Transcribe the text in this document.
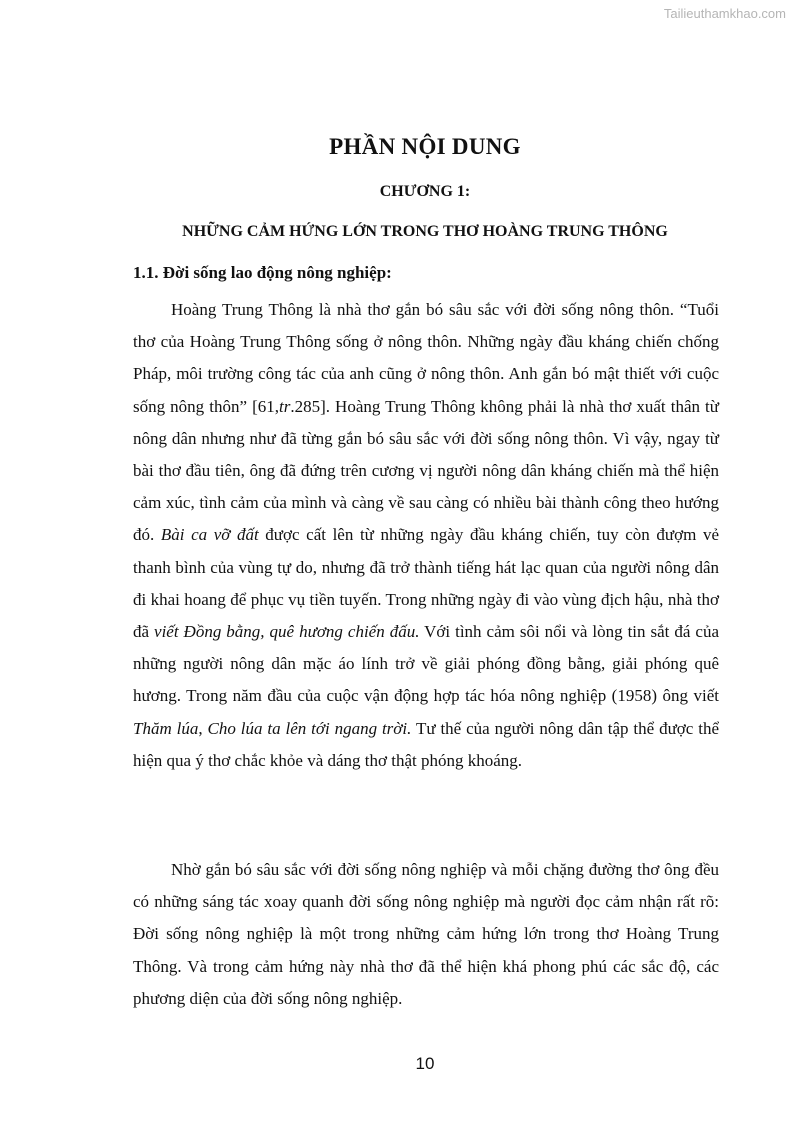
Tailieuthamkhao.com
PHẦN NỘI DUNG
CHƯƠNG 1:
NHỮNG CẢM HỨNG LỚN TRONG THƠ HOÀNG TRUNG THÔNG
1.1. Đời sống lao động nông nghiệp:

Hoàng Trung Thông là nhà thơ gắn bó sâu sắc với đời sống nông thôn. “Tuổi thơ của Hoàng Trung Thông sống ở nông thôn. Những ngày đầu kháng chiến chống Pháp, môi trường công tác của anh cũng ở nông thôn. Anh gắn bó mật thiết với cuộc sống nông thôn” [61,tr.285]. Hoàng Trung Thông không phải là nhà thơ xuất thân từ nông dân nhưng như đã từng gắn bó sâu sắc với đời sống nông thôn. Vì vậy, ngay từ bài thơ đầu tiên, ông đã đứng trên cương vị người nông dân kháng chiến mà thể hiện cảm xúc, tình cảm của mình và càng về sau càng có nhiều bài thành công theo hướng đó. Bài ca vỡ đất được cất lên từ những ngày đầu kháng chiến, tuy còn đượm vẻ thanh bình của vùng tự do, nhưng đã trở thành tiếng hát lạc quan của người nông dân đi khai hoang để phục vụ tiền tuyến. Trong những ngày đi vào vùng địch hậu, nhà thơ đã viết Đồng bằng, quê hương chiến đấu. Với tình cảm sôi nổi và lòng tin sắt đá của những người nông dân mặc áo lính trở về giải phóng đồng bằng, giải phóng quê hương. Trong năm đầu của cuộc vận động hợp tác hóa nông nghiệp (1958) ông viết Thăm lúa, Cho lúa ta lên tới ngang trời. Tư thế của người nông dân tập thể được thể hiện qua ý thơ chắc khỏe và dáng thơ thật phóng khoáng.

Nhờ gắn bó sâu sắc với đời sống nông nghiệp và mỗi chặng đường thơ ông đều có những sáng tác xoay quanh đời sống nông nghiệp mà người đọc cảm nhận rất rõ: Đời sống nông nghiệp là một trong những cảm hứng lớn trong thơ Hoàng Trung Thông. Và trong cảm hứng này nhà thơ đã thể hiện khá phong phú các sắc độ, các phương diện của đời sống nông nghiệp.

10
